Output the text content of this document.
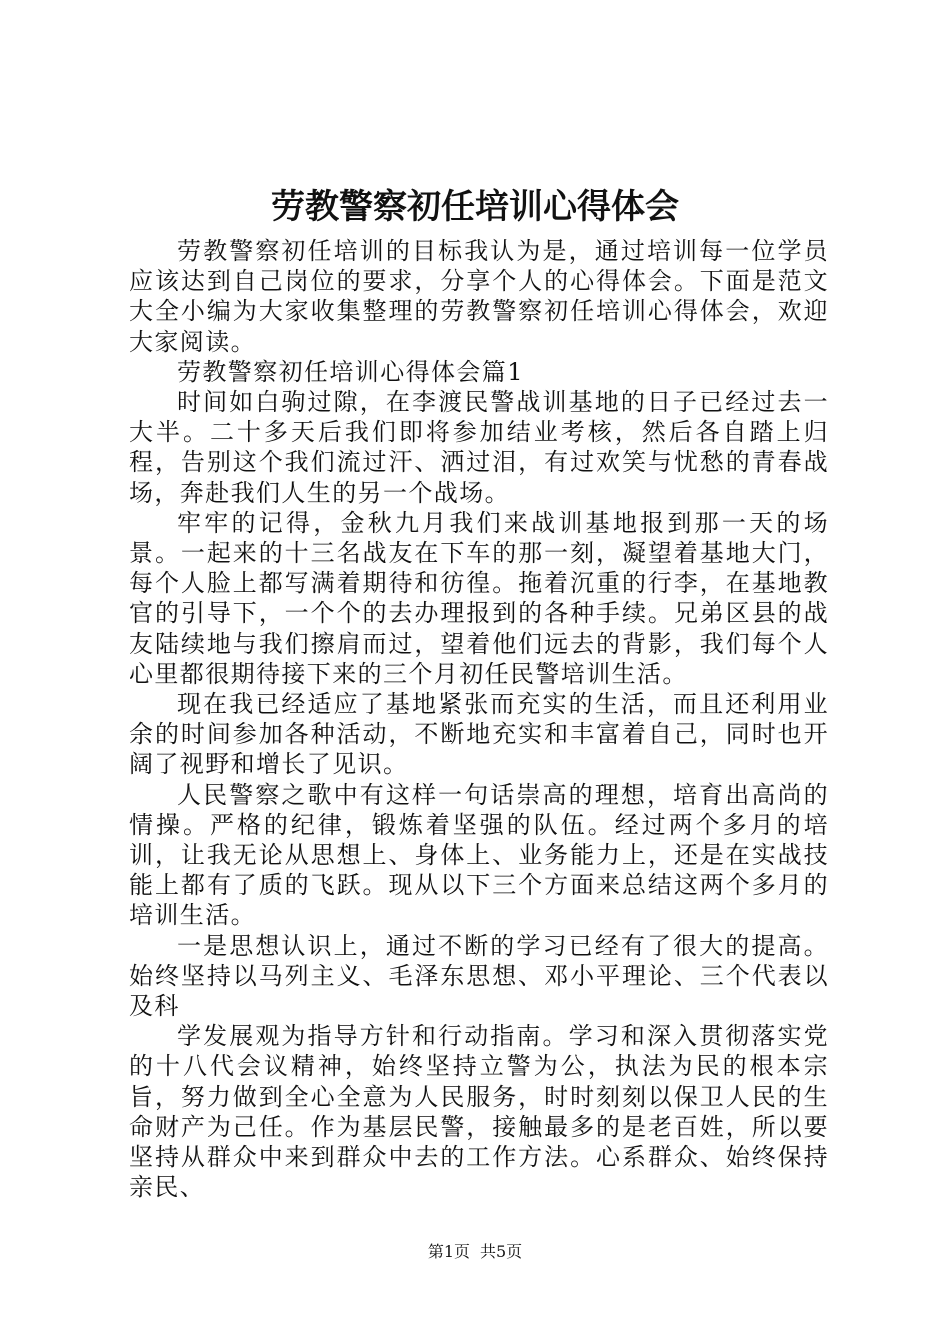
劳教警察初任培训心得体会

劳教警察初任培训的目标我认为是，通过培训每一位学员应该达到自己岗位的要求，分享个人的心得体会。下面是范文大全小编为大家收集整理的劳教警察初任培训心得体会，欢迎大家阅读。

劳教警察初任培训心得体会篇1

时间如白驹过隙，在李渡民警战训基地的日子已经过去一大半。二十多天后我们即将参加结业考核，然后各自踏上归程，告别这个我们流过汗、洒过泪，有过欢笑与忧愁的青春战场，奔赴我们人生的另一个战场。

牢牢的记得，金秋九月我们来战训基地报到那一天的场景。一起来的十三名战友在下车的那一刻，凝望着基地大门，每个人脸上都写满着期待和彷徨。拖着沉重的行李，在基地教官的引导下，一个个的去办理报到的各种手续。兄弟区县的战友陆续地与我们擦肩而过，望着他们远去的背影，我们每个人心里都很期待接下来的三个月初任民警培训生活。

现在我已经适应了基地紧张而充实的生活，而且还利用业余的时间参加各种活动，不断地充实和丰富着自己，同时也开阔了视野和增长了见识。

人民警察之歌中有这样一句话崇高的理想，培育出高尚的情操。严格的纪律，锻炼着坚强的队伍。经过两个多月的培训，让我无论从思想上、身体上、业务能力上，还是在实战技能上都有了质的飞跃。现从以下三个方面来总结这两个多月的培训生活。

一是思想认识上，通过不断的学习已经有了很大的提高。始终坚持以马列主义、毛泽东思想、邓小平理论、三个代表以及科

学发展观为指导方针和行动指南。学习和深入贯彻落实党的十八代会议精神，始终坚持立警为公，执法为民的根本宗旨，努力做到全心全意为人民服务，时时刻刻以保卫人民的生命财产为己任。作为基层民警，接触最多的是老百姓，所以要坚持从群众中来到群众中去的工作方法。心系群众、始终保持亲民、

第1页 共5页
